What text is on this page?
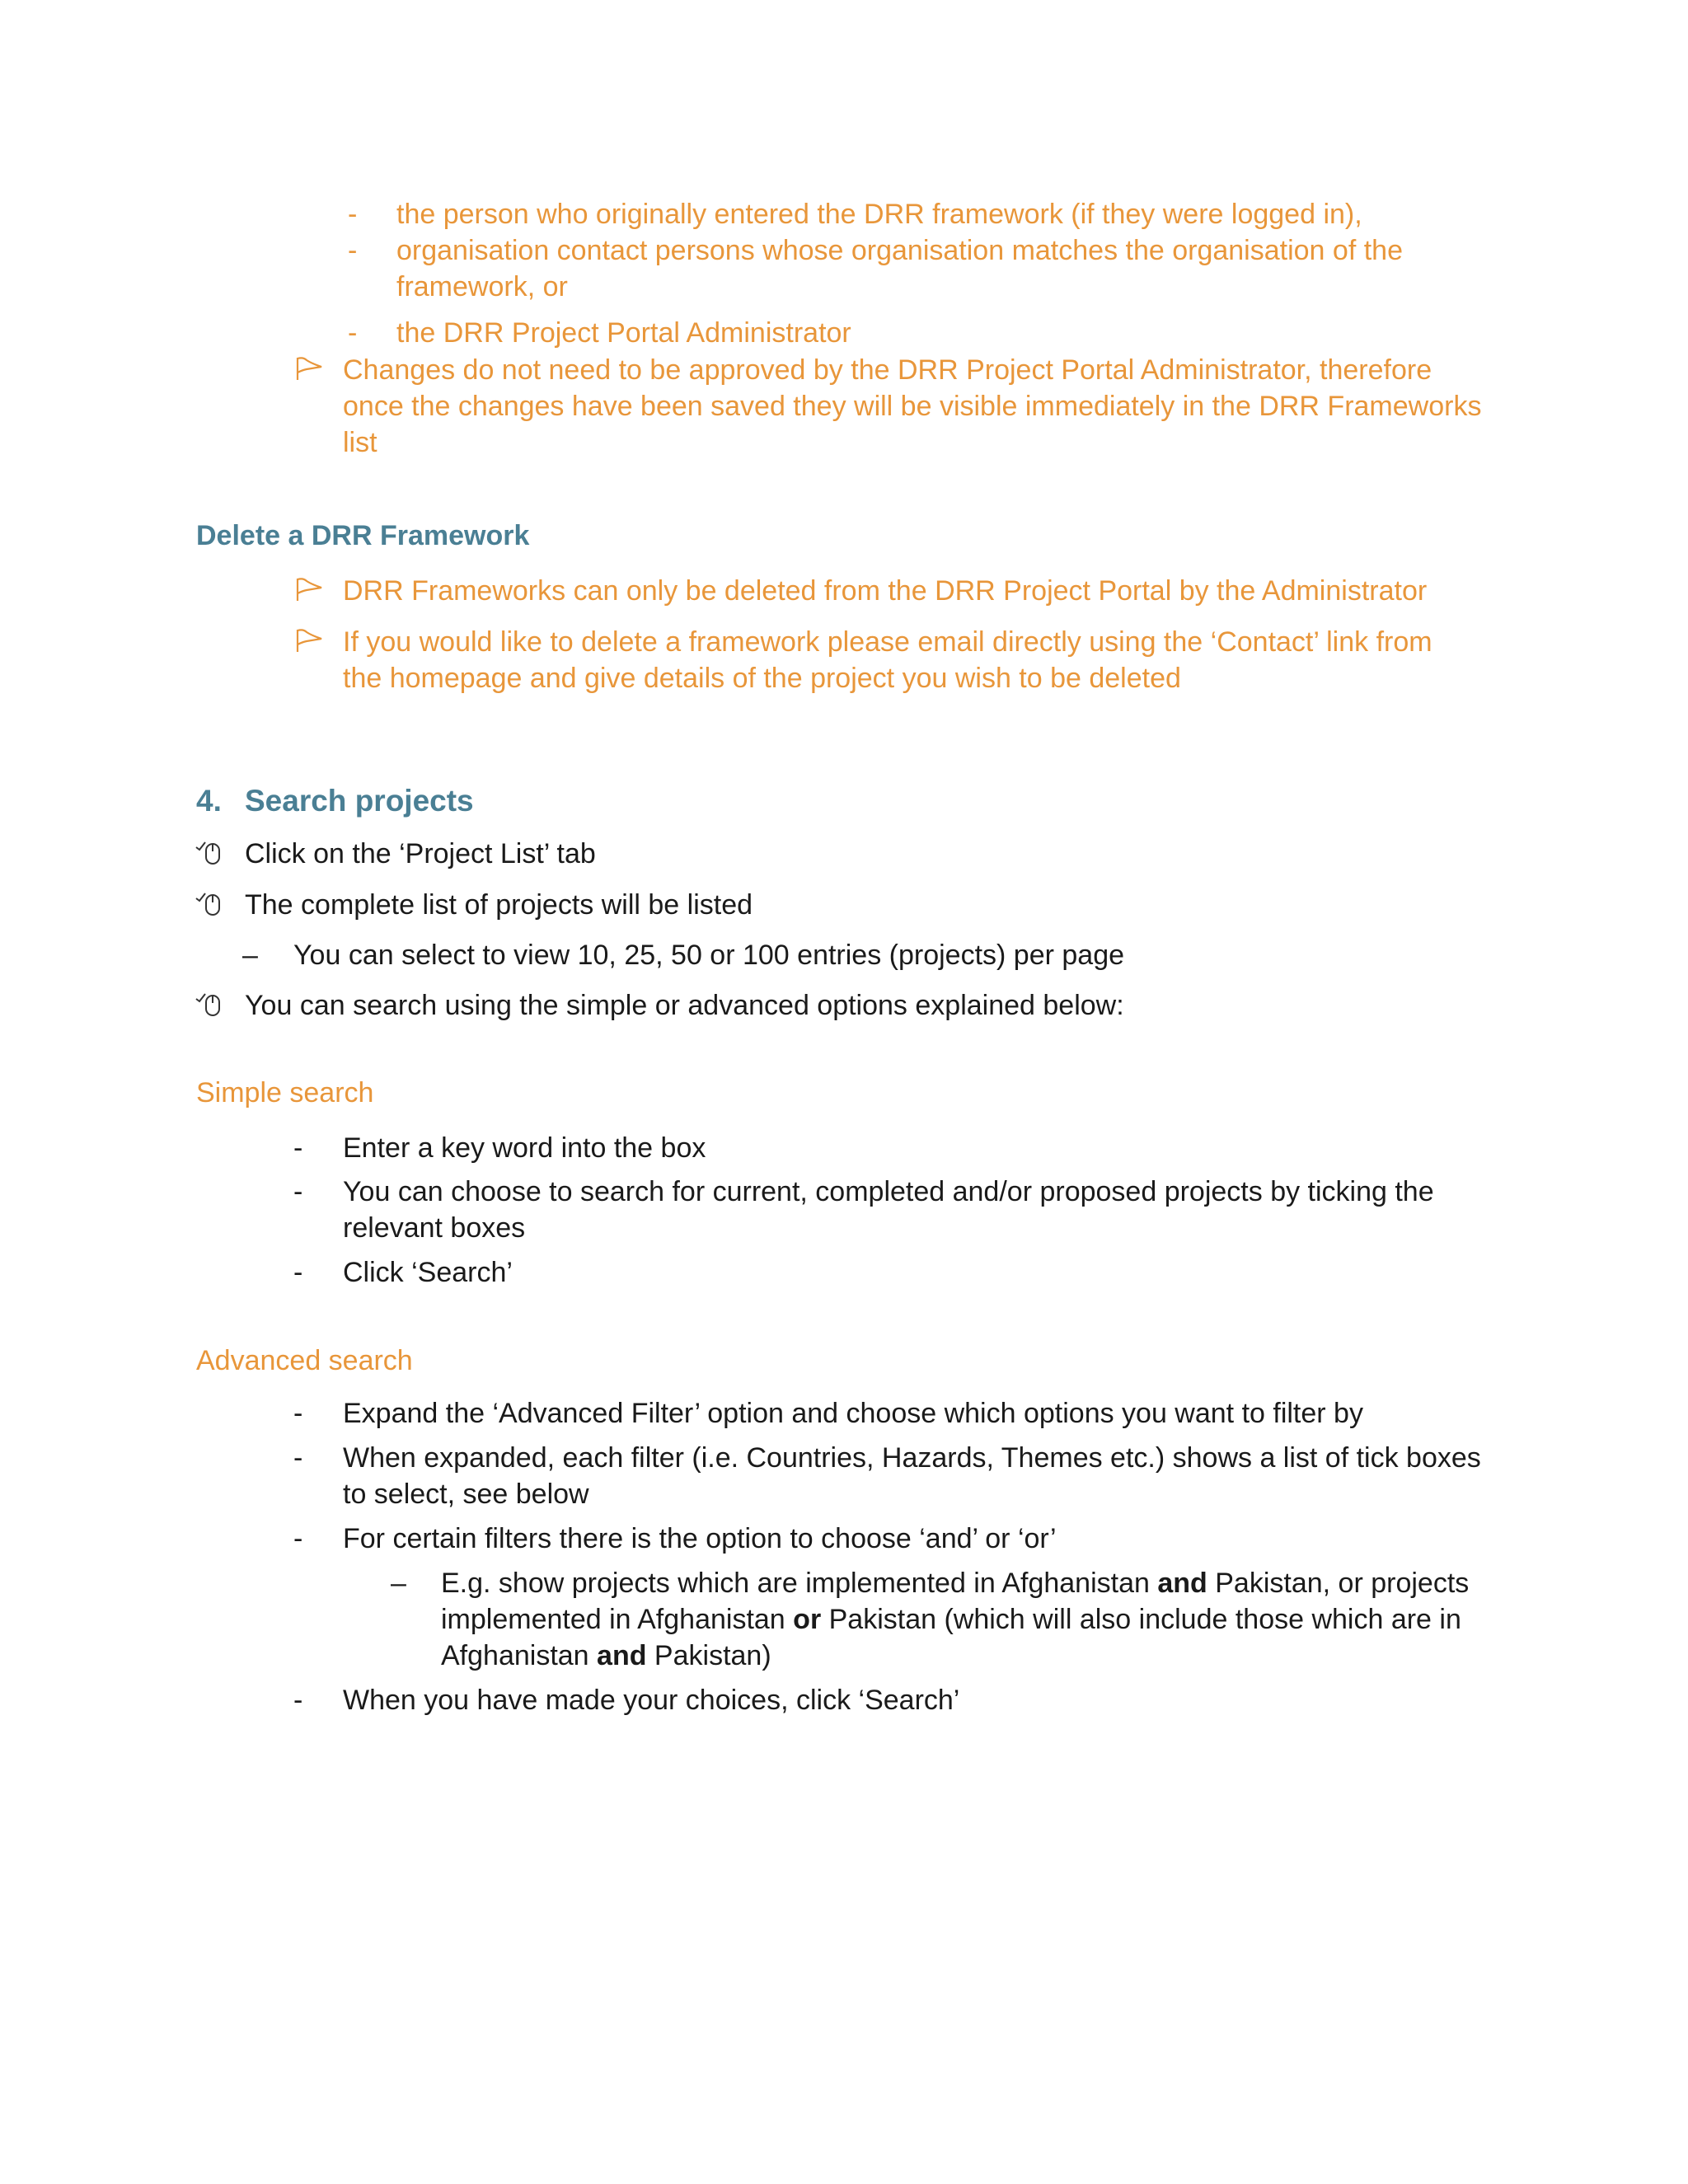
- the person who originally entered the DRR framework (if they were logged in),
- organisation contact persons whose organisation matches the organisation of the
framework, or
- the DRR Project Portal Administrator
Changes do not need to be approved by the DRR Project Portal Administrator, therefore
once the changes have been saved they will be visible immediately in the DRR Frameworks
list
Delete a DRR Framework
DRR Frameworks can only be deleted from the DRR Project Portal by the Administrator
If you would like to delete a framework please email directly using the ‘Contact’ link from
the homepage and give details of the project you wish to be deleted
4. Search projects
Click on the ‘Project List’ tab
The complete list of projects will be listed
– You can select to view 10, 25, 50 or 100 entries (projects) per page
You can search using the simple or advanced options explained below:
Simple search
- Enter a key word into the box
- You can choose to search for current, completed and/or proposed projects by ticking the
relevant boxes
- Click ‘Search’
Advanced search
- Expand the ‘Advanced Filter’ option and choose which options you want to filter by
- When expanded, each filter (i.e. Countries, Hazards, Themes etc.) shows a list of tick boxes
to select, see below
- For certain filters there is the option to choose ‘and’ or ‘or’
– E.g. show projects which are implemented in Afghanistan and Pakistan, or projects
implemented in Afghanistan or Pakistan (which will also include those which are in
Afghanistan and Pakistan)
- When you have made your choices, click ‘Search’
